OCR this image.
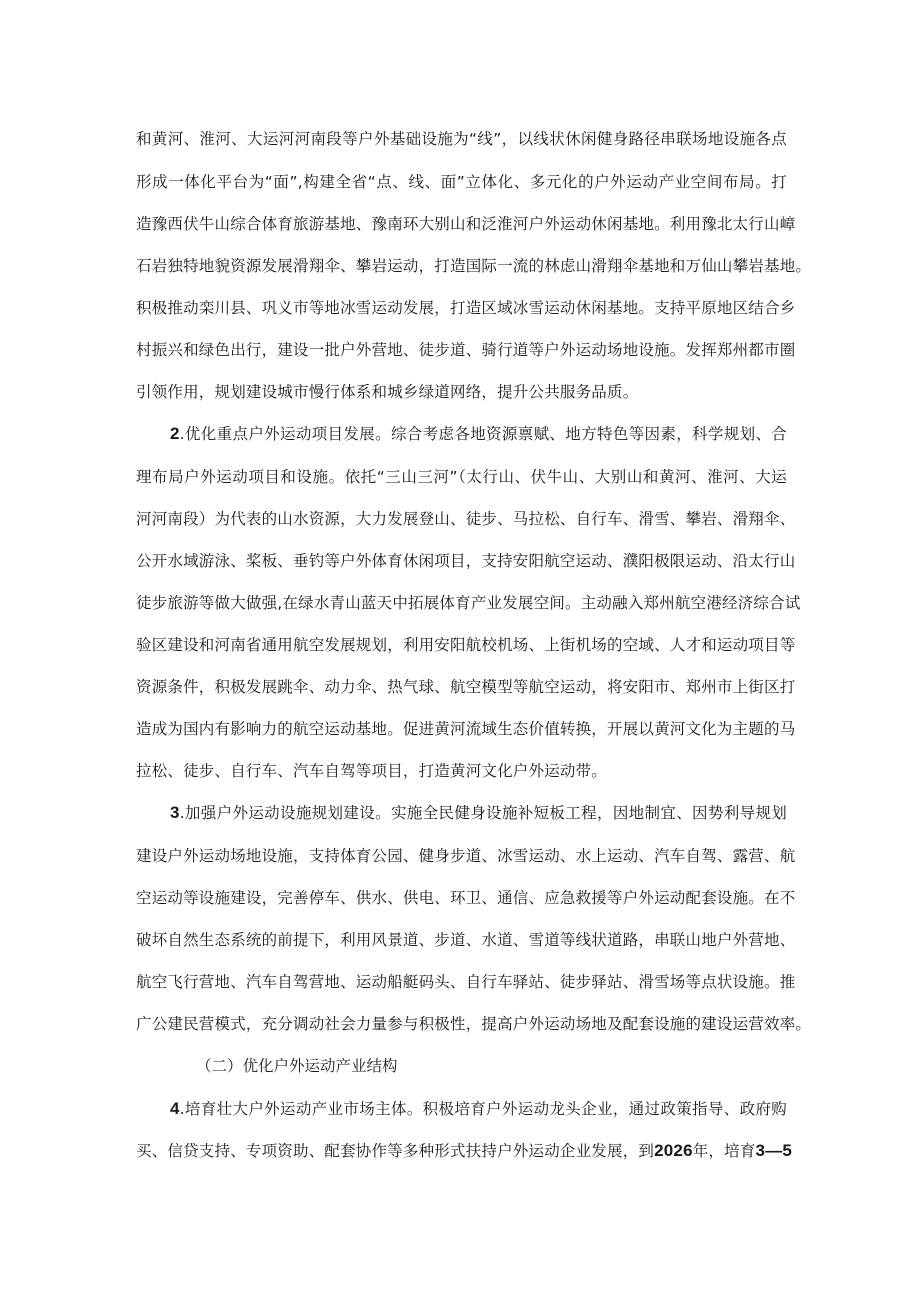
和黄河、淮河、大运河河南段等户外基础设施为“线”，以线状休闲健身路径串联场地设施各点
形成一体化平台为“面”,构建全省“点、线、面”立体化、多元化的户外运动产业空间布局。打
造豫西伏牛山综合体育旅游基地、豫南环大别山和泛淮河户外运动休闲基地。利用豫北太行山嶂
石岩独特地貌资源发展滑翔伞、攀岩运动，打造国际一流的林虑山滑翔伞基地和万仙山攀岩基地。
积极推动栾川县、巩义市等地冰雪运动发展，打造区域冰雪运动休闲基地。支持平原地区结合乡
村振兴和绿色出行，建设一批户外营地、徒步道、骑行道等户外运动场地设施。发挥郑州都市圈
引领作用，规划建设城市慢行体系和城乡绿道网络，提升公共服务品质。
2.优化重点户外运动项目发展。综合考虑各地资源禀赋、地方特色等因素，科学规划、合
理布局户外运动项目和设施。依托“三山三河”（太行山、伏牛山、大别山和黄河、淮河、大运
河河南段）为代表的山水资源，大力发展登山、徒步、马拉松、自行车、滑雪、攀岩、滑翔伞、
公开水域游泳、桨板、垂钓等户外体育休闲项目，支持安阳航空运动、濮阳极限运动、沿太行山
徒步旅游等做大做强,在绿水青山蓝天中拓展体育产业发展空间。主动融入郑州航空港经济综合试
验区建设和河南省通用航空发展规划，利用安阳航校机场、上街机场的空域、人才和运动项目等
资源条件，积极发展跳伞、动力伞、热气球、航空模型等航空运动，将安阳市、郑州市上街区打
造成为国内有影响力的航空运动基地。促进黄河流域生态价值转换，开展以黄河文化为主题的马
拉松、徒步、自行车、汽车自驾等项目，打造黄河文化户外运动带。
3.加强户外运动设施规划建设。实施全民健身设施补短板工程，因地制宜、因势利导规划
建设户外运动场地设施，支持体育公园、健身步道、冰雪运动、水上运动、汽车自驾、露营、航
空运动等设施建设，完善停车、供水、供电、环卫、通信、应急救援等户外运动配套设施。在不
破坏自然生态系统的前提下，利用风景道、步道、水道、雪道等线状道路，串联山地户外营地、
航空飞行营地、汽车自驾营地、运动船艇码头、自行车驿站、徒步驿站、滑雪场等点状设施。推
广公建民营模式，充分调动社会力量参与积极性，提高户外运动场地及配套设施的建设运营效率。
（二）优化户外运动产业结构
4.培育壮大户外运动产业市场主体。积极培育户外运动龙头企业，通过政策指导、政府购
买、信贷支持、专项资助、配套协作等多种形式扶持户外运动企业发展，到2026年，培育3—5
